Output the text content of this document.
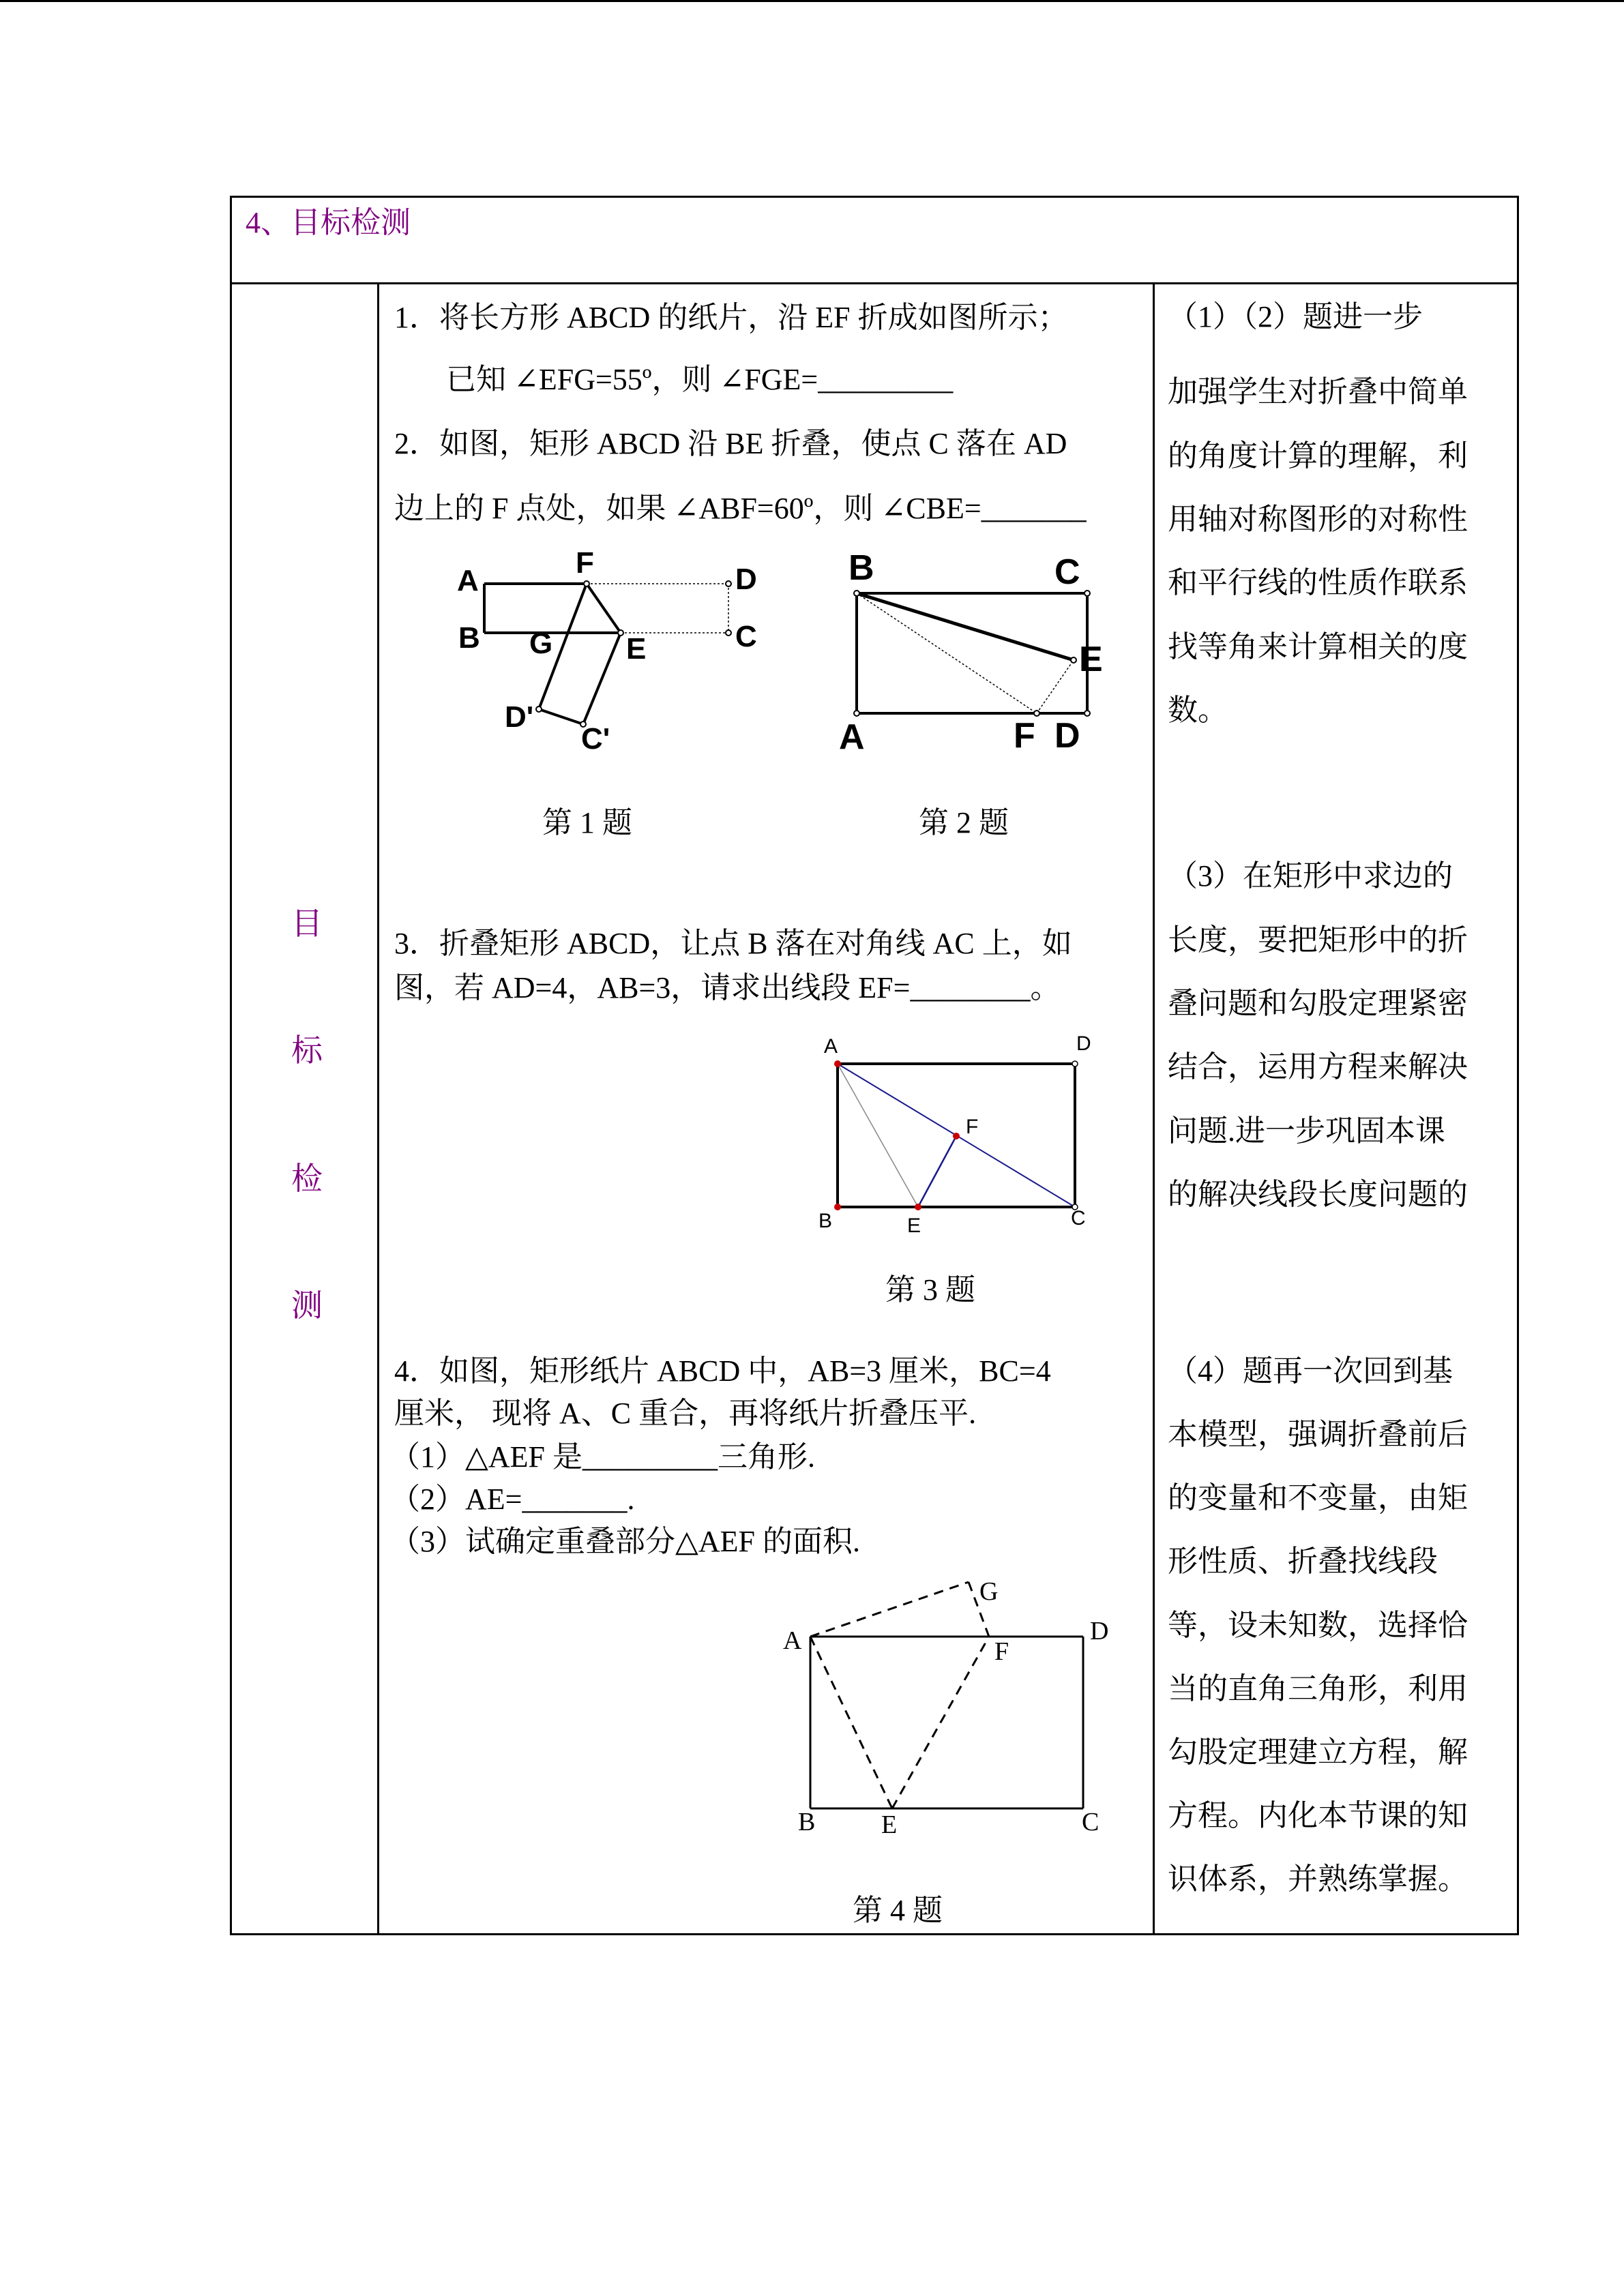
4、目标检测
目
标
检
测
1．将长方形 ABCD 的纸片，沿 EF 折成如图所示；
已知 ∠EFG=55º，则 ∠FGE=_________
2．如图，矩形 ABCD 沿 BE 折叠，使点 C 落在 AD
边上的 F 点处，如果 ∠ABF=60º，则 ∠CBE=_______
A
F	D
B G E	C
D'
C'
B	C
E
A	F D
第 1 题	第 2 题
3．折叠矩形 ABCD，让点 B 落在对角线 AC 上，如
图，若 AD=4，AB=3，请求出线段 EF=________。
A	D
F
B	E	C
第 3 题
4．如图，矩形纸片 ABCD 中，AB=3 厘米，BC=4
厘米， 现将 A、C 重合，再将纸片折叠压平.
（1）△AEF 是_________三角形.
（2）AE=_______.
（3）试确定重叠部分△AEF 的面积.
G
A	D
F
B	E	C
第 4 题
（1）（2）题进一步
加强学生对折叠中简单
的角度计算的理解，利
用轴对称图形的对称性
和平行线的性质作联系
找等角来计算相关的度
数。
（3）在矩形中求边的
长度，要把矩形中的折
叠问题和勾股定理紧密
结合，运用方程来解决
问题.进一步巩固本课
的解决线段长度问题的
（4）题再一次回到基
本模型，强调折叠前后
的变量和不变量，由矩
形性质、折叠找线段
等，设未知数，选择恰
当的直角三角形，利用
勾股定理建立方程，解
方程。内化本节课的知
识体系，并熟练掌握。
